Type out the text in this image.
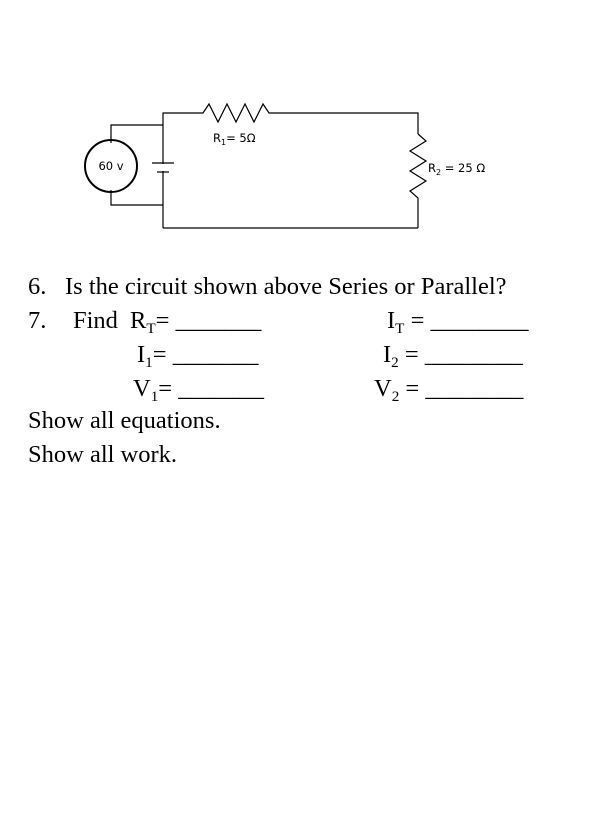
60 v
$R_1= 5\Omega$
$R_2 = 25$ Ω
6. Is the circuit shown above Series or Parallel?
7. Find $R_T=$ _______	$I_T$ = ________
$I_1=$ _______	$I_2$ = ________
$V_1=$ _______	$V_2$ = ________
Show all equations.
Show all work.
